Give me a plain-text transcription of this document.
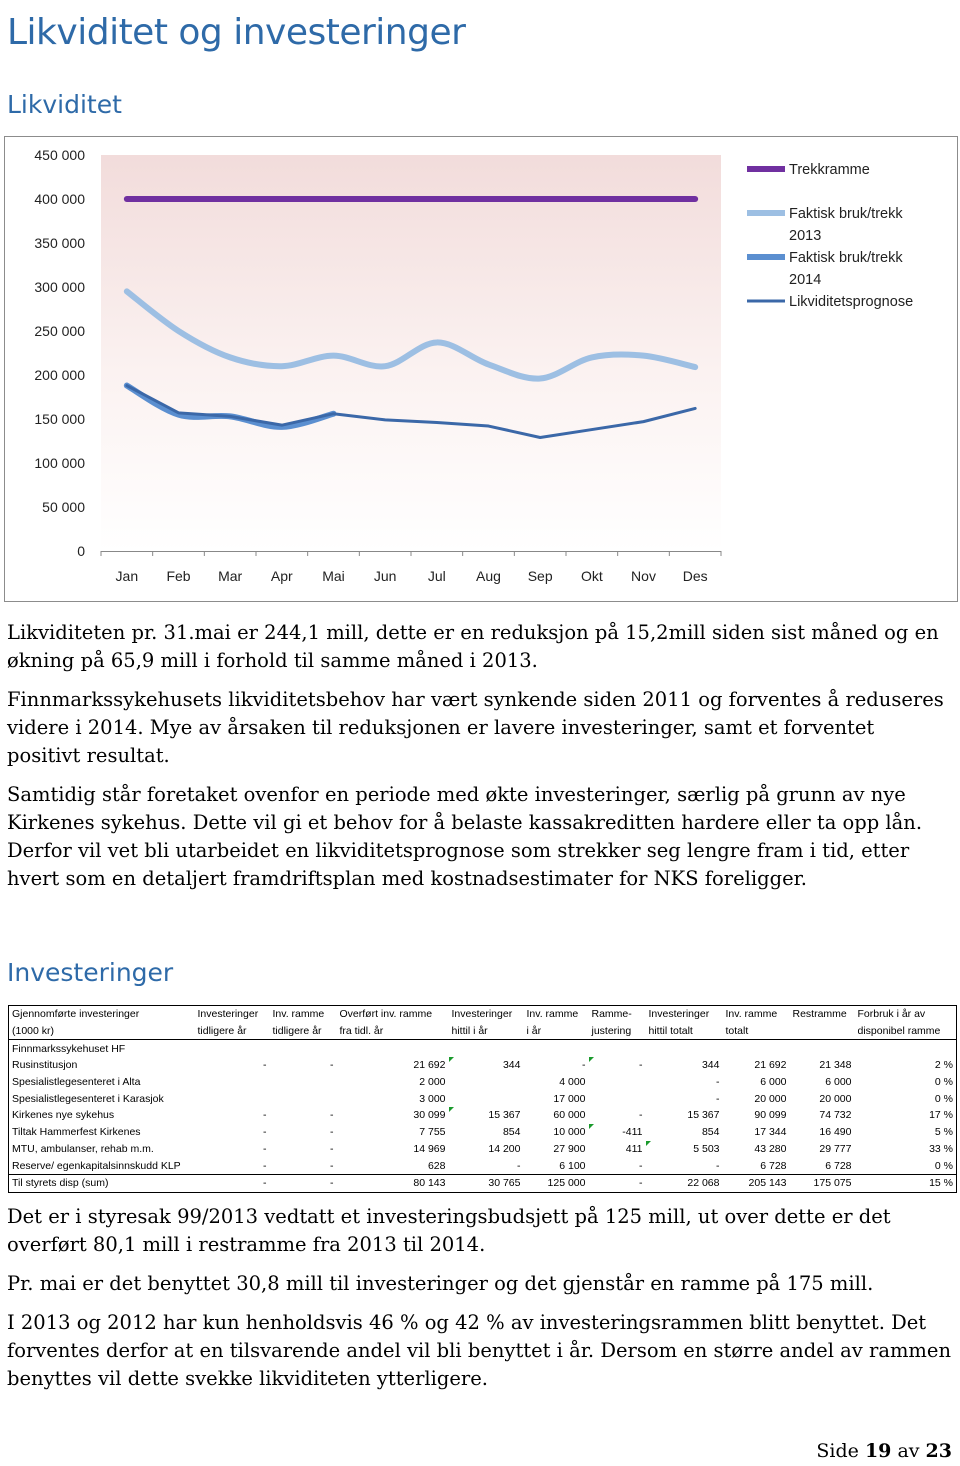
Likviditet og investeringer
Likviditet
0
50 000
100 000
150 000
200 000
250 000
300 000
350 000
400 000
450 000
Jan Feb Mar Apr Mai Jun Jul Aug Sep Okt Nov Des
Trekkramme
Faktisk bruk/trekk 2013
Faktisk bruk/trekk 2014
Likviditetsprognose

Likviditeten pr. 31.mai er 244,1 mill, dette er en reduksjon på 15,2mill siden sist måned og en økning på 65,9 mill i forhold til samme måned i 2013.

Finnmarkssykehusets likviditetsbehov har vært synkende siden 2011 og forventes å reduseres videre i 2014. Mye av årsaken til reduksjonen er lavere investeringer, samt et forventet positivt resultat.

Samtidig står foretaket ovenfor en periode med økte investeringer, særlig på grunn av nye Kirkenes sykehus. Dette vil gi et behov for å belaste kassakreditten hardere eller ta opp lån. Derfor vil vet bli utarbeidet en likviditetsprognose som strekker seg lengre fram i tid, etter hvert som en detaljert framdriftsplan med kostnadsestimater for NKS foreligger.

Investeringer
Gjennomførte investeringer	Investeringer	Inv. ramme	Overført inv. ramme	Investeringer	Inv. ramme	Ramme-	Investeringer	Inv. ramme	Restramme	Forbruk i år av
(1000 kr)	tidligere år	tidligere år	fra tidl. år	hittil i år	i år	justering	hittil totalt	totalt		disponibel ramme
Finnmarkssykehuset HF										
Rusinstitusjon	-	-	21 692	344	-	-	344	21 692	21 348	2 %
Spesialistlegesenteret i Alta			2 000		4 000		-	6 000	6 000	0 %
Spesialistlegesenteret i Karasjok			3 000		17 000		-	20 000	20 000	0 %
Kirkenes nye sykehus	-	-	30 099	15 367	60 000	-	15 367	90 099	74 732	17 %
Tiltak Hammerfest Kirkenes	-	-	7 755	854	10 000	-411	854	17 344	16 490	5 %
MTU, ambulanser, rehab m.m.	-	-	14 969	14 200	27 900	411	5 503	43 280	29 777	33 %
Reserve/ egenkapitalsinnskudd KLP	-	-	628	-	6 100	-	-	6 728	6 728	0 %
Til styrets disp (sum)	-	-	80 143	30 765	125 000	-	22 068	205 143	175 075	15 %

Det er i styresak 99/2013 vedtatt et investeringsbudsjett på 125 mill, ut over dette er det overført 80,1 mill i restramme fra 2013 til 2014.

Pr. mai er det benyttet 30,8 mill til investeringer og det gjenstår en ramme på 175 mill.

I 2013 og 2012 har kun henholdsvis 46 % og 42 % av investeringsrammen blitt benyttet. Det forventes derfor at en tilsvarende andel vil bli benyttet i år. Dersom en større andel av rammen benyttes vil dette svekke likviditeten ytterligere.

Side 19 av 23
